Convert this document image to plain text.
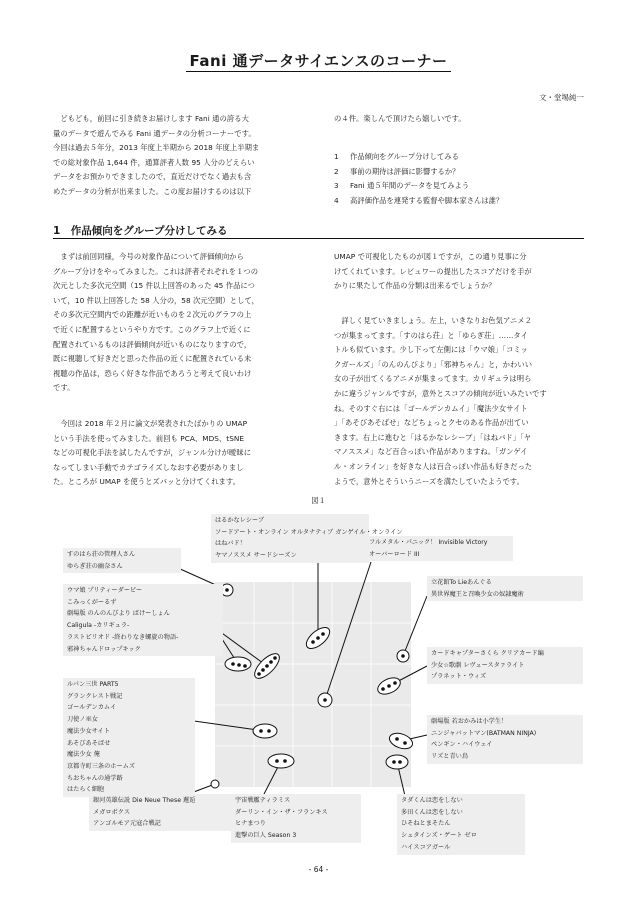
Fani 通データサイエンスのコーナー
文・堂埸純一
　どもども，前回に引き続きお届けします Fani 通の誇る大
量のデータで遊んでみる Fani 通データの分析コーナーです。
今回は過去５年分，2013 年度上半期から 2018 年度上半期ま
での総対象作品 1,644 件，通算評者人数 95 人分のどえらい
データをお預かりできましたので，直近だけでなく過去も含
めたデータの分析が出来ました。この度お届けするのは以下
の４件。楽しんで頂けたら嬉しいです。
1 作品傾向をグループ分けしてみる
2 事前の期待は評価に影響するか？
3 Fani 通５年間のデータを見てみよう
4 高評価作品を連発する監督や脚本家さんは誰？
1　作品傾向をグループ分けしてみる
　まずは前回同様，今号の対象作品について評価傾向から
グループ分けをやってみました。これは評者それぞれを１つの
次元とした多次元空間（15 件以上回答のあった 45 作品につ
いて，10 件以上回答した 58 人分の，58 次元空間）として，
その多次元空間内での距離が近いものを２次元のグラフの上
で近くに配置するというやり方です。このグラフ上で近くに
配置されているものは評価傾向が近いものになりますので，
既に視聴して好きだと思った作品の近くに配置されている未
視聴の作品は，恐らく好きな作品であろうと考えて良いわけ
です。
　今回は 2018 年２月に論文が発表されたばかりの UMAP
という手法を使ってみました。前回も PCA、MDS、tSNE
などの可視化手法を試したんですが，ジャンル分けが曖昧に
なってしまい手動でカテゴライズしなおす必要がありまし
た。ところが UMAP を使うとズバッと分けてくれます。
UMAP で可視化したものが図１ですが，この通り見事に分
けてくれています。レビュワーの提出したスコアだけを手が
かりに果たして作品の分類は出来るでしょうか？
　詳しく見ていきましょう。左上，いきなりお色気アニメ２
つが集まってます。「すのはら荘」と「ゆらぎ荘」……タイ
トルも似ています。少し下って左側には「ウマ娘」「コミッ
クガールズ」「のんのんびより」「邪神ちゃん」と，かわいい
女の子が出てくるアニメが集まってます。カリギュラは明ら
かに違うジャンルですが，意外とスコアの傾向が近いみたいです
ね。そのすぐ右には「ゴールデンカムイ」「魔法少女サイト
」「あそびあそばせ」などちょっとクセのある作品が出てい
きます。右上に進むと「はるかなレシーブ」「はねバド」「ヤ
マノススメ」など百合っぽい作品がありますね。「ガンゲイ
ル・オンライン」を好きな人は百合っぽい作品も好きだった
ようで，意外とそういうニーズを満たしていたようです。
図１
はるかなレシーブ
ソードアート・オンライン オルタナティブ ガンゲイル・オンライン
はねバド！
ヤマノススメ サードシーズン
フルメタル・パニック！ Invisible Victory
オーバーロード III
すのはら荘の管理人さん
ゆらぎ荘の幽奈さん
立花館To Lieあんぐる
異世界魔王と召喚少女の奴隷魔術
ウマ娘 プリティーダービー
こみっくがーるず
劇場版 のんのんびより ばけーしょん
Caligula -カリギュラ-
ラストピリオド -終わりなき螺旋の物語-
邪神ちゃんドロップキック
カードキャプターさくら クリアカード編
少女☆歌劇 レヴュースタァライト
プラネット・ウィズ
ルパン三世 PART5
グランクレスト戦記
ゴールデンカムイ
刀使ノ巫女
魔法少女サイト
あそびあそばせ
魔法少女 俺
京都寺町三条のホームズ
ちおちゃんの通学路
はたらく細胞
劇場版 若おかみは小学生！
ニンジャバットマン(BATMAN NINJA)
ペンギン・ハイウェイ
リズと青い鳥
銀河英雄伝説 Die Neue These 邂逅
メガロボクス
アンゴルモア元寇合戦記
宇宙戦艦ティラミス
ダーリン・イン・ザ・フランキス
ヒナまつり
進撃の巨人 Season 3
タダくんは恋をしない
多田くんは恋をしない
ひそねとまそたん
シュタインズ・ゲート ゼロ
ハイスコアガール
- 64 -
